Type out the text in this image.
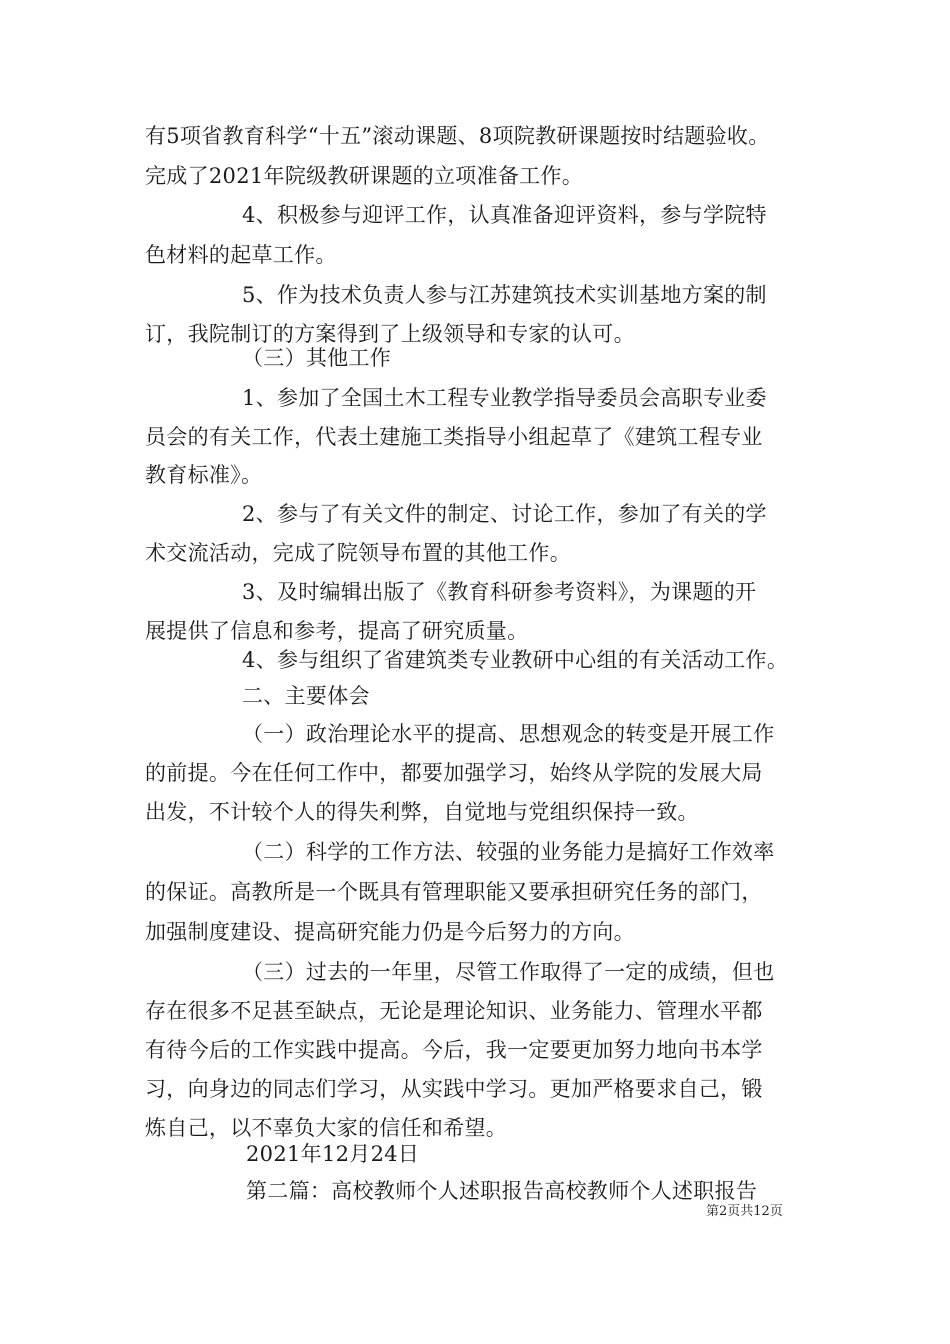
有5项省教育科学“十五”滚动课题、8项院教研课题按时结题验收。
完成了2021年院级教研课题的立项准备工作。
4、积极参与迎评工作，认真准备迎评资料，参与学院特
色材料的起草工作。
5、作为技术负责人参与江苏建筑技术实训基地方案的制
订，我院制订的方案得到了上级领导和专家的认可。
（三）其他工作
1、参加了全国土木工程专业教学指导委员会高职专业委
员会的有关工作，代表土建施工类指导小组起草了《建筑工程专业
教育标准》。
2、参与了有关文件的制定、讨论工作，参加了有关的学
术交流活动，完成了院领导布置的其他工作。
3、及时编辑出版了《教育科研参考资料》，为课题的开
展提供了信息和参考，提高了研究质量。
4、参与组织了省建筑类专业教研中心组的有关活动工作。
二、主要体会
（一）政治理论水平的提高、思想观念的转变是开展工作
的前提。今在任何工作中，都要加强学习，始终从学院的发展大局
出发，不计较个人的得失利弊，自觉地与党组织保持一致。
（二）科学的工作方法、较强的业务能力是搞好工作效率
的保证。高教所是一个既具有管理职能又要承担研究任务的部门，
加强制度建设、提高研究能力仍是今后努力的方向。
（三）过去的一年里，尽管工作取得了一定的成绩，但也
存在很多不足甚至缺点，无论是理论知识、业务能力、管理水平都
有待今后的工作实践中提高。今后，我一定要更加努力地向书本学
习，向身边的同志们学习，从实践中学习。更加严格要求自己，锻
炼自己，以不辜负大家的信任和希望。
2021年12月24日
第二篇：高校教师个人述职报告高校教师个人述职报告
第2页共12页
